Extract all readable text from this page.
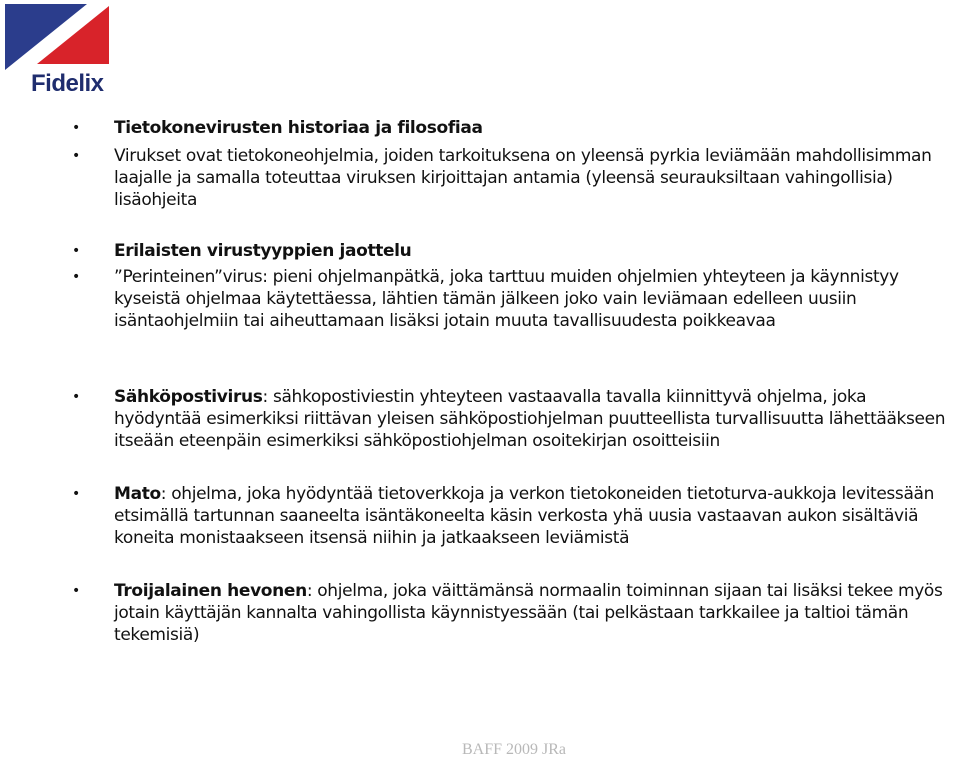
Fidelix
• Tietokonevirusten historiaa ja filosofiaa
• Virukset ovat tietokoneohjelmia, joiden tarkoituksena on yleensä pyrkia leviämään mahdollisimman laajalle ja samalla toteuttaa viruksen kirjoittajan antamia (yleensä seurauksiltaan vahingollisia) lisäohjeita
• Erilaisten virustyyppien jaottelu
• ”Perinteinen”virus: pieni ohjelmanpätkä, joka tarttuu muiden ohjelmien yhteyteen ja käynnistyy kyseistä ohjelmaa käytettäessa, lähtien tämän jälkeen joko vain leviämaan edelleen uusiin isäntaohjelmiin tai aiheuttamaan lisäksi jotain muuta tavallisuudesta poikkeavaa
• Sähköpostivirus: sähkopostiviestin yhteyteen vastaavalla tavalla kiinnittyvä ohjelma, joka hyödyntää esimerkiksi riittävan yleisen sähköpostiohjelman puutteellista turvallisuutta lähettääkseen itseään eteenpäin esimerkiksi sähköpostiohjelman osoitekirjan osoitteisiin
• Mato: ohjelma, joka hyödyntää tietoverkkoja ja verkon tietokoneiden tietoturva-aukkoja levitessään etsimällä tartunnan saaneelta isäntäkoneelta käsin verkosta yhä uusia vastaavan aukon sisältäviä koneita monistaakseen itsensä niihin ja jatkaakseen leviämistä
• Troijalainen hevonen: ohjelma, joka väittämänsä normaalin toiminnan sijaan tai lisäksi tekee myös jotain käyttäjän kannalta vahingollista käynnistyessään (tai pelkästaan tarkkailee ja taltioi tämän tekemisiä)
BAFF 2009 JRa
